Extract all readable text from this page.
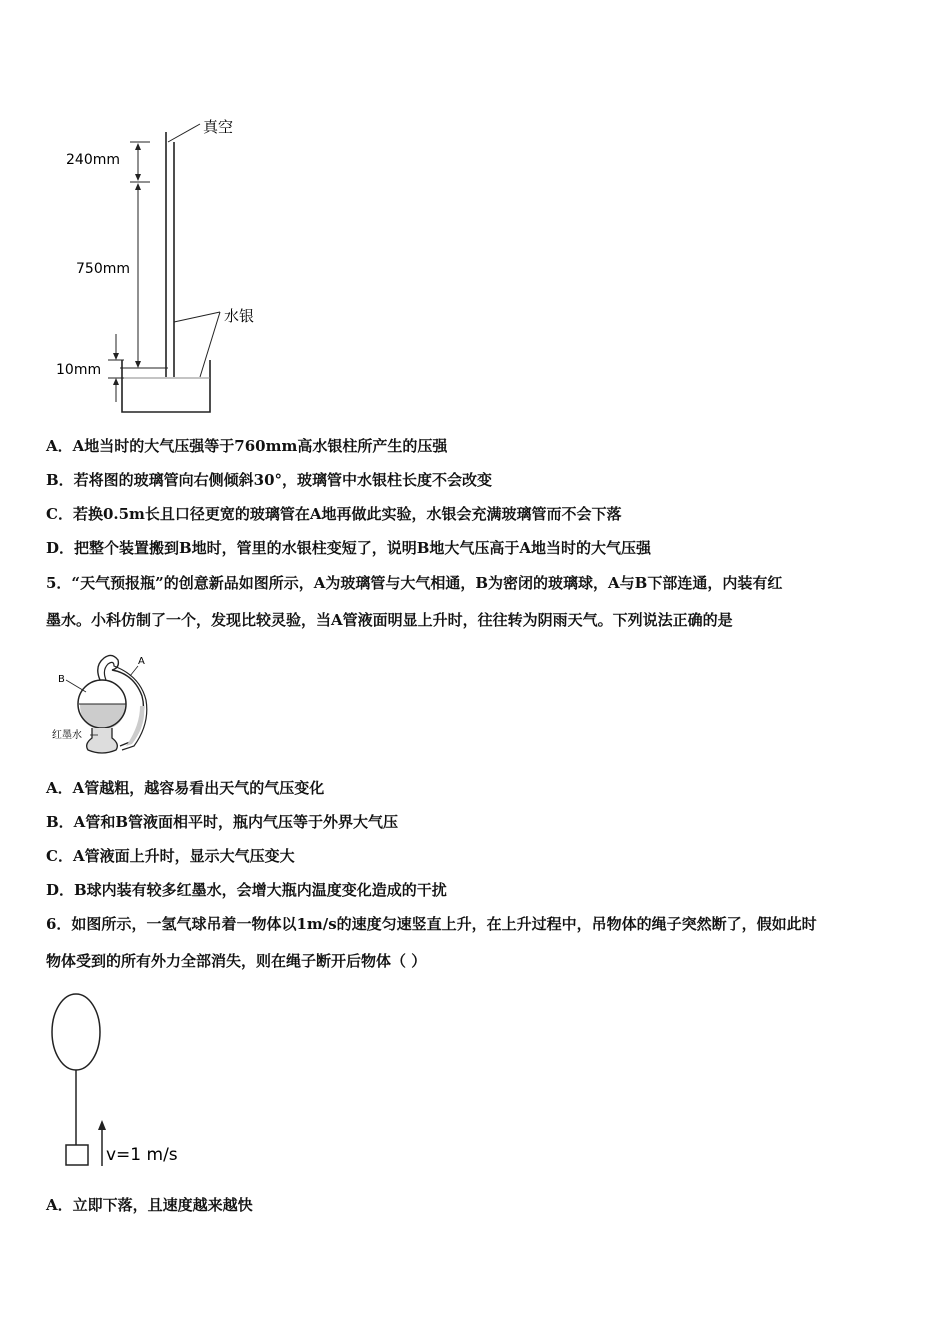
真空
240mm
750mm
水银
10mm
A．A地当时的大气压强等于760mm高水银柱所产生的压强
B．若将图的玻璃管向右侧倾斜30°，玻璃管中水银柱长度不会改变
C．若换0.5m长且口径更宽的玻璃管在A地再做此实验，水银会充满玻璃管而不会下落
D．把整个装置搬到B地时，管里的水银柱变短了，说明B地大气压高于A地当时的大气压强
5．“天气预报瓶”的创意新品如图所示，A为玻璃管与大气相通，B为密闭的玻璃球，A与B下部连通，内装有红
墨水。小科仿制了一个，发现比较灵验，当A管液面明显上升时，往往转为阴雨天气。下列说法正确的是
A
B
红墨水
A．A管越粗，越容易看出天气的气压变化
B．A管和B管液面相平时，瓶内气压等于外界大气压
C．A管液面上升时，显示大气压变大
D．B球内装有较多红墨水，会增大瓶内温度变化造成的干扰
6．如图所示，一氢气球吊着一物体以1m/s的速度匀速竖直上升，在上升过程中，吊物体的绳子突然断了，假如此时
物体受到的所有外力全部消失，则在绳子断开后物体（ ）
v=1 m/s
A．立即下落，且速度越来越快
